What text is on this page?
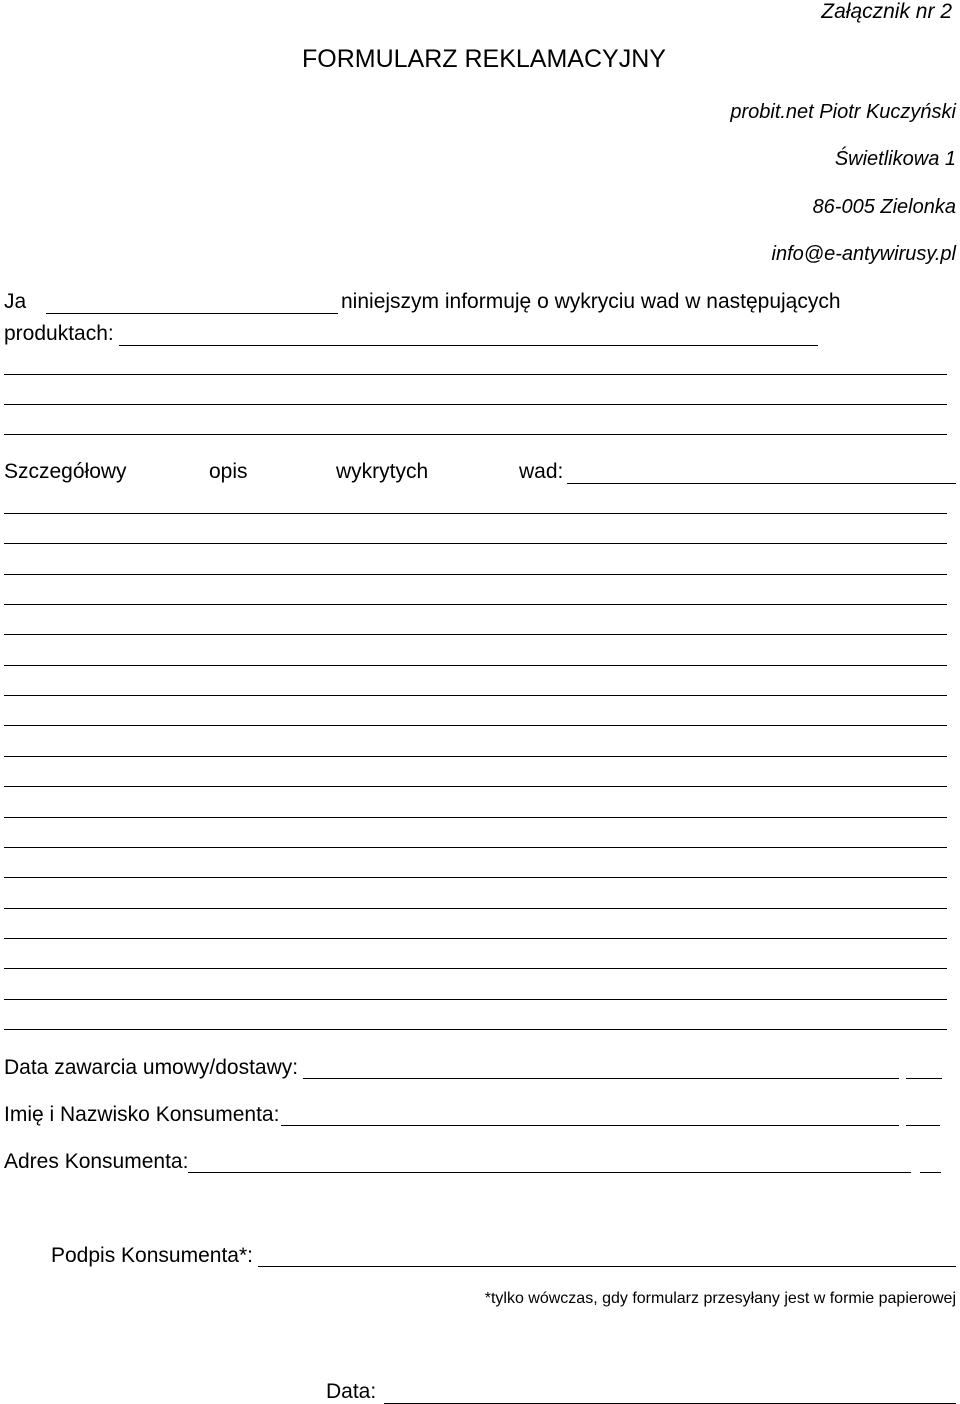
Załącznik nr 2
FORMULARZ REKLAMACYJNY
probit.net Piotr Kuczyński
Świetlikowa 1
86-005 Zielonka
info@e-antywirusy.pl
Ja	niniejszym informuję o wykryciu wad w następujących
produktach:
Szczegółowy	opis	wykrytych	wad:
Data zawarcia umowy/dostawy:
Imię i Nazwisko Konsumenta:
Adres Konsumenta:
Podpis Konsumenta*:
*tylko wówczas, gdy formularz przesyłany jest w formie papierowej
Data:
